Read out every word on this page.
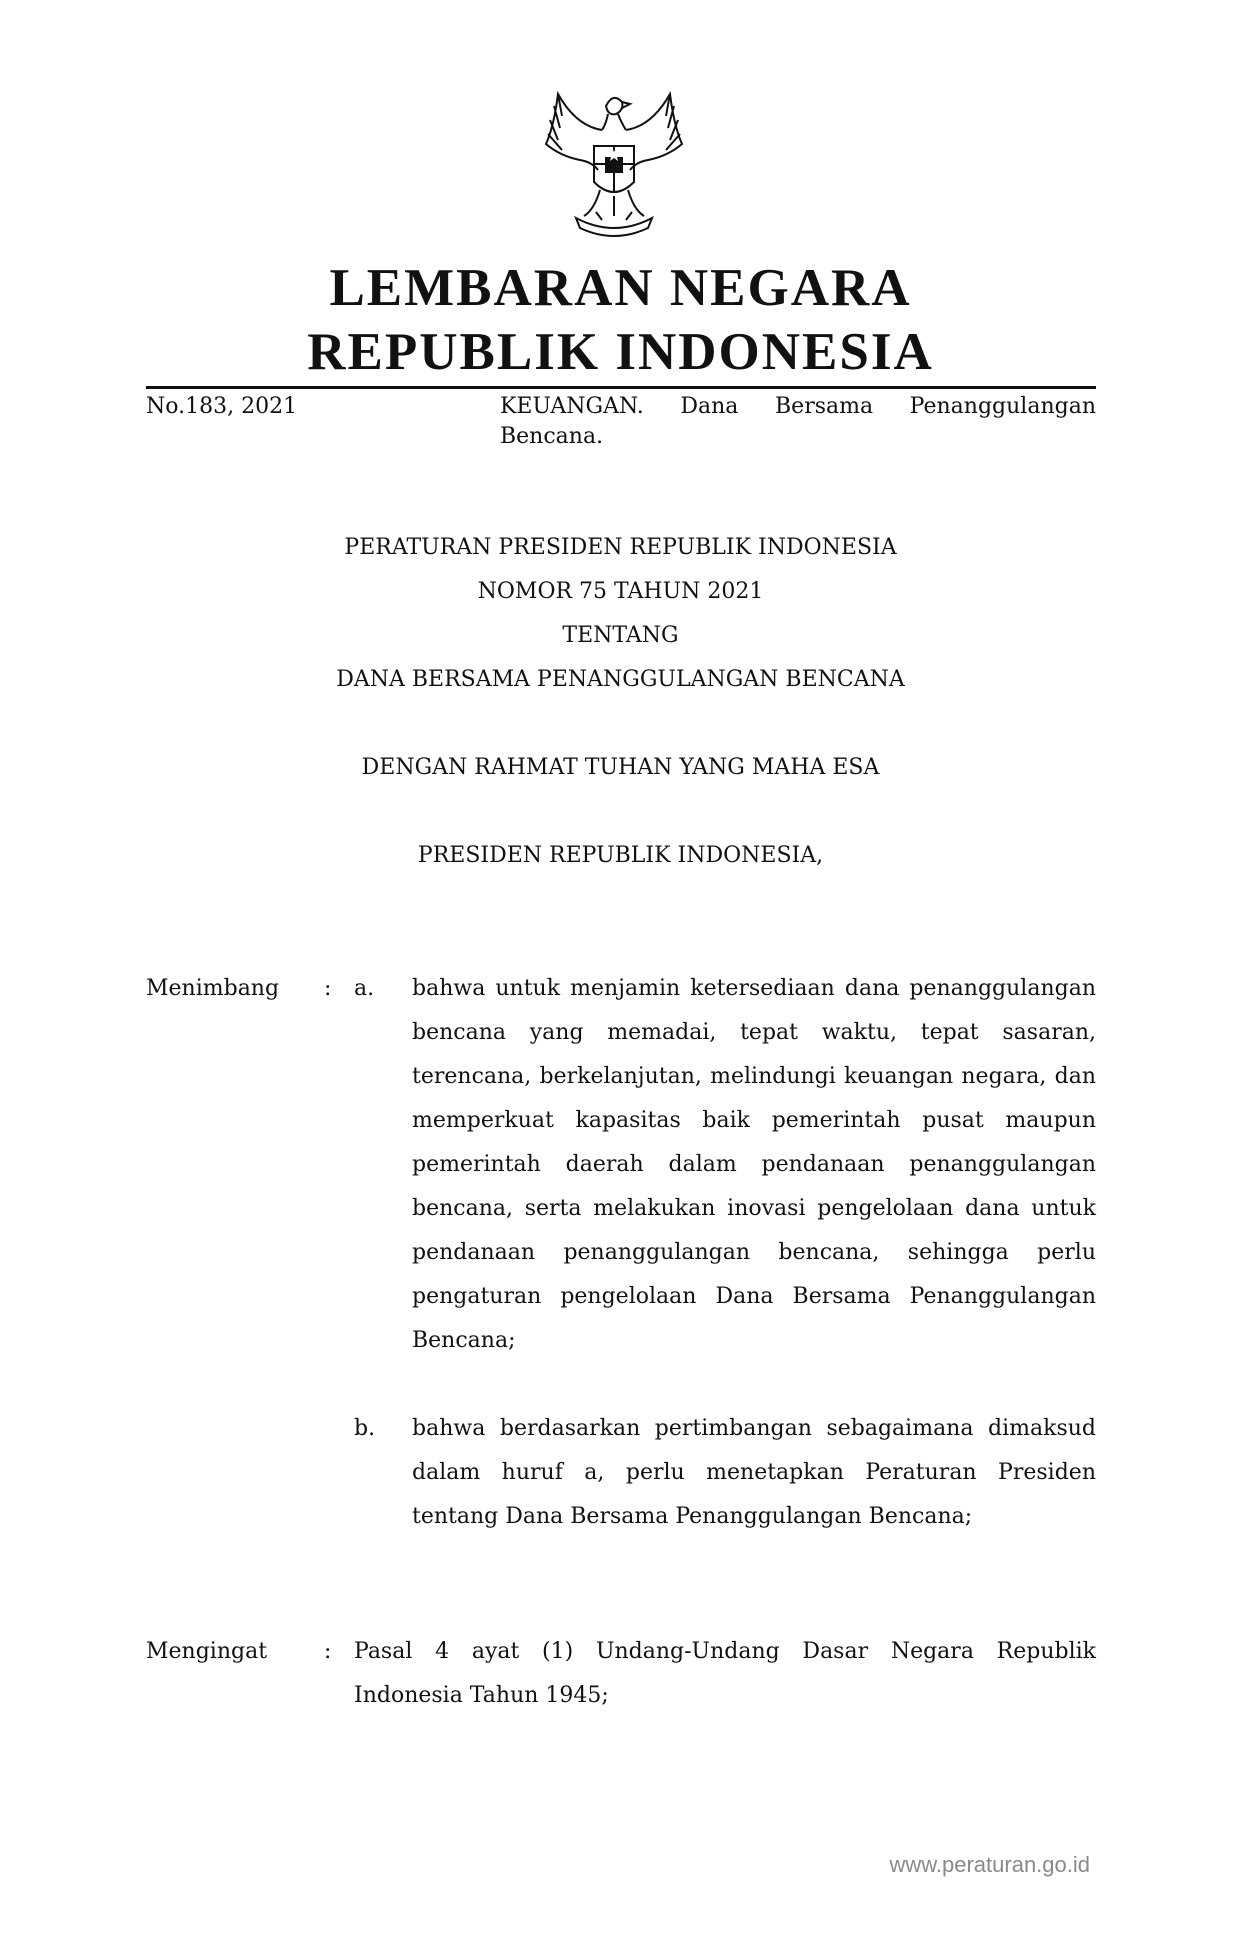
LEMBARAN NEGARA
REPUBLIK INDONESIA
No.183, 2021	KEUANGAN. Dana Bersama Penanggulangan Bencana.
PERATURAN PRESIDEN REPUBLIK INDONESIA
NOMOR 75 TAHUN 2021
TENTANG
DANA BERSAMA PENANGGULANGAN BENCANA
DENGAN RAHMAT TUHAN YANG MAHA ESA
PRESIDEN REPUBLIK INDONESIA,
Menimbang : a. bahwa untuk menjamin ketersediaan dana penanggulangan bencana yang memadai, tepat waktu, tepat sasaran, terencana, berkelanjutan, melindungi keuangan negara, dan memperkuat kapasitas baik pemerintah pusat maupun pemerintah daerah dalam pendanaan penanggulangan bencana, serta melakukan inovasi pengelolaan dana untuk pendanaan penanggulangan bencana, sehingga perlu pengaturan pengelolaan Dana Bersama Penanggulangan Bencana;

b. bahwa berdasarkan pertimbangan sebagaimana dimaksud dalam huruf a, perlu menetapkan Peraturan Presiden tentang Dana Bersama Penanggulangan Bencana;

Mengingat	: Pasal 4 ayat (1) Undang-Undang Dasar Negara Republik Indonesia Tahun 1945;

www.peraturan.go.id
